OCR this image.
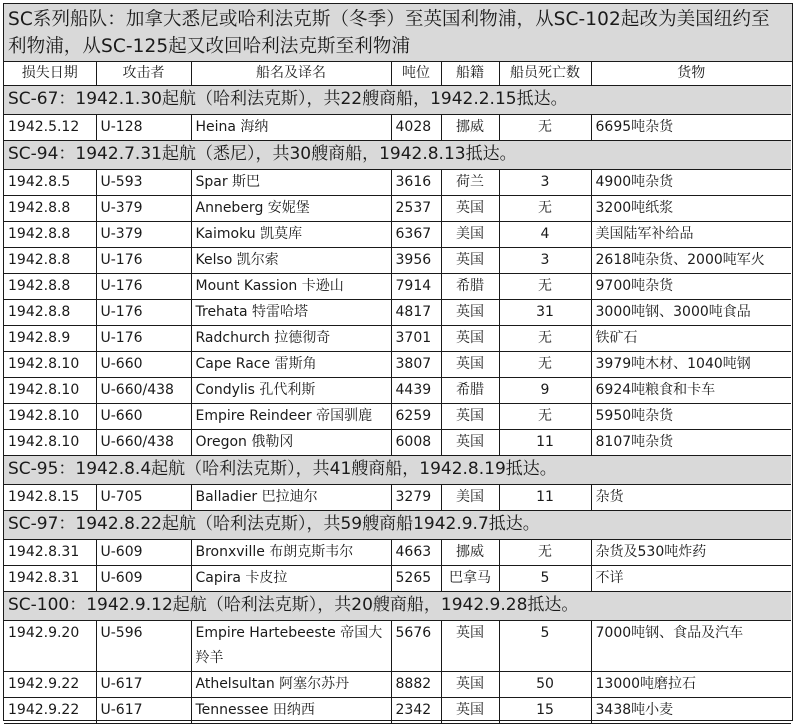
SC系列船队：加拿大悉尼或哈利法克斯（冬季）至英国利物浦，从SC-102起改为美国纽约至利物浦，从SC-125起又改回哈利法克斯至利物浦
损失日期	攻击者	船名及译名	吨位	船籍	船员死亡数	货物
SC-67：1942.1.30起航（哈利法克斯），共22艘商船，1942.2.15抵达。						
1942.5.12	U-128	Heina 海纳	4028	挪威	无	6695吨杂货
SC-94：1942.7.31起航（悉尼），共30艘商船，1942.8.13抵达。						
1942.8.5	U-593	Spar 斯巴	3616	荷兰	3	4900吨杂货
1942.8.8	U-379	Anneberg 安妮堡	2537	英国	无	3200吨纸浆
1942.8.8	U-379	Kaimoku 凯莫库	6367	美国	4	美国陆军补给品
1942.8.8	U-176	Kelso 凯尔索	3956	英国	3	2618吨杂货、2000吨军火
1942.8.8	U-176	Mount Kassion 卡逊山	7914	希腊	无	9700吨杂货
1942.8.8	U-176	Trehata 特雷哈塔	4817	英国	31	3000吨钢、3000吨食品
1942.8.9	U-176	Radchurch 拉德彻奇	3701	英国	无	铁矿石
1942.8.10	U-660	Cape Race 雷斯角	3807	英国	无	3979吨木材、1040吨钢
1942.8.10	U-660/438	Condylis 孔代利斯	4439	希腊	9	6924吨粮食和卡车
1942.8.10	U-660	Empire Reindeer 帝国驯鹿	6259	英国	无	5950吨杂货
1942.8.10	U-660/438	Oregon 俄勒冈	6008	英国	11	8107吨杂货
SC-95：1942.8.4起航（哈利法克斯），共41艘商船，1942.8.19抵达。						
1942.8.15	U-705	Balladier 巴拉迪尔	3279	美国	11	杂货
SC-97：1942.8.22起航（哈利法克斯），共59艘商船1942.9.7抵达。						
1942.8.31	U-609	Bronxville 布朗克斯韦尔	4663	挪威	无	杂货及530吨炸药
1942.8.31	U-609	Capira 卡皮拉	5265	巴拿马	5	不详
SC-100：1942.9.12起航（哈利法克斯），共20艘商船，1942.9.28抵达。						
1942.9.20	U-596	Empire Hartebeeste 帝国大羚羊	5676	英国	5	7000吨钢、食品及汽车
1942.9.22	U-617	Athelsultan 阿塞尔苏丹	8882	英国	50	13000吨磨拉石
1942.9.22	U-617	Tennessee 田纳西	2342	英国	15	3438吨小麦
